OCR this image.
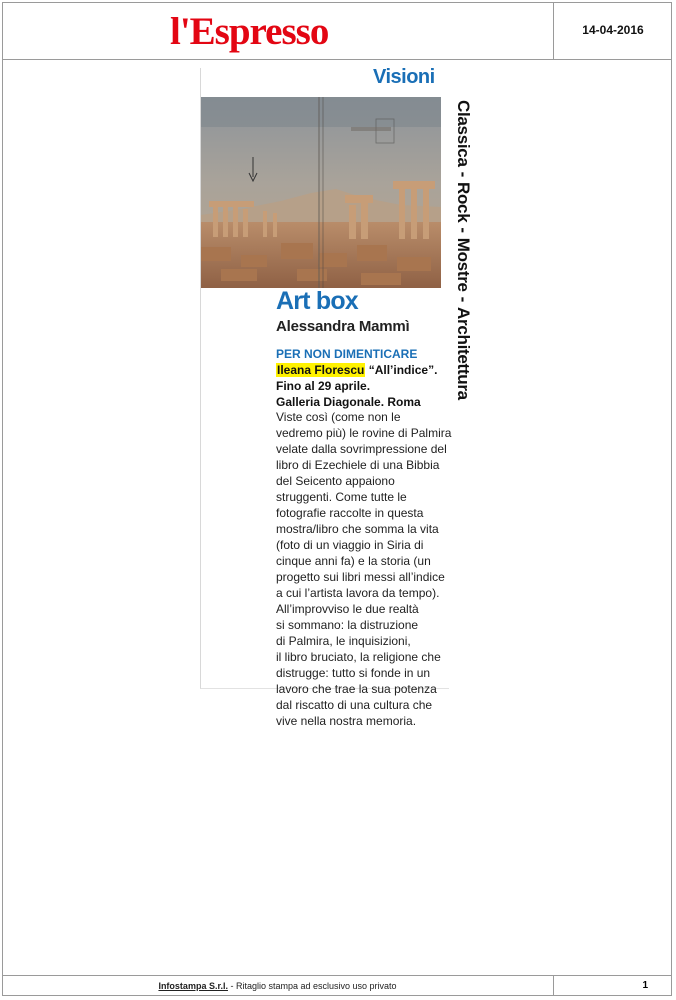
l'Espresso	14-04-2016
Visioni
Art box
Alessandra Mammì
PER NON DIMENTICARE
Ileana Florescu “All’indice”.
Fino al 29 aprile.
Galleria Diagonale. Roma
Viste così (come non le
vedremo più) le rovine di Palmira
velate dalla sovrimpressione del
libro di Ezechiele di una Bibbia
del Seicento appaiono
struggenti. Come tutte le
fotografie raccolte in questa
mostra/libro che somma la vita
(foto di un viaggio in Siria di
cinque anni fa) e la storia (un
progetto sui libri messi all’indice
a cui l’artista lavora da tempo).
All’improvviso le due realtà
si sommano: la distruzione
di Palmira, le inquisizioni,
il libro bruciato, la religione che
distrugge: tutto si fonde in un
lavoro che trae la sua potenza
dal riscatto di una cultura che
vive nella nostra memoria.
Classica-Rock-Mostre-Architettura
Infostampa S.r.l. - Ritaglio stampa ad esclusivo uso privato	1
